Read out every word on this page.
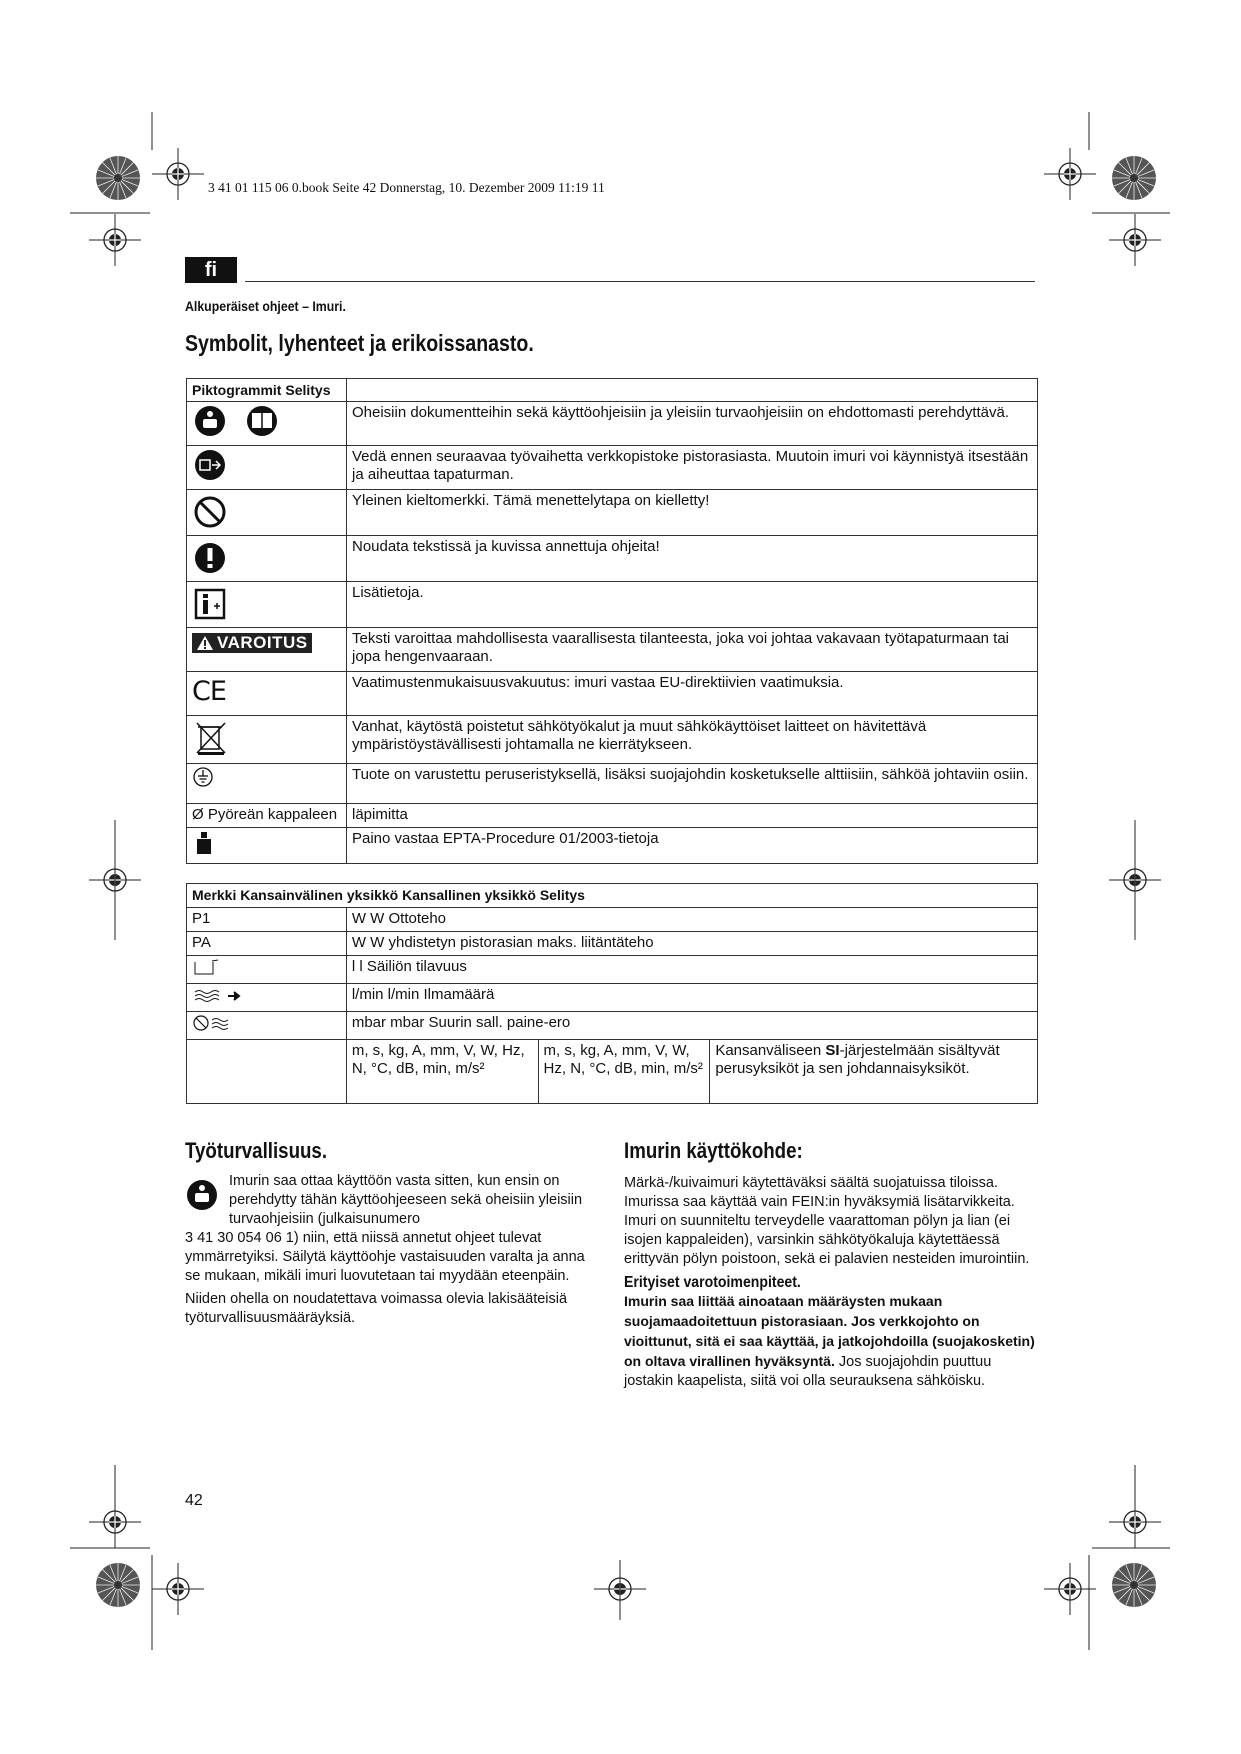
3 41 01 115 06 0.book Seite 42 Donnerstag, 10. Dezember 2009 11:19 11
fi
Alkuperäiset ohjeet – Imuri.
Symbolit, lyhenteet ja erikoissanasto.
Piktogrammit Selitys	
	Oheisiin dokumentteihin sekä käyttöohjeisiin ja yleisiin turvaohjeisiin on ehdottomasti perehdyttävä.
	Vedä ennen seuraavaa työvaihetta verkkopistoke pistorasiasta. Muutoin imuri voi käynnistyä itsestään ja aiheuttaa tapaturman.
	Yleinen kieltomerkki. Tämä menettelytapa on kielletty!
	Noudata tekstissä ja kuvissa annettuja ohjeita!
	Lisätietoja.

VAROITUS	Teksti varoittaa mahdollisesta vaarallisesta tilanteesta, joka voi johtaa vakavaan työtapaturmaan tai jopa hengenvaaraan.
CE	Vaatimustenmukaisuusvakuutus: imuri vastaa EU-direktiivien vaatimuksia.
	Vanhat, käytöstä poistetut sähkötyökalut ja muut sähkökäyttöiset laitteet on hävitettävä ympäristöystävällisesti johtamalla ne kierrätykseen.
	Tuote on varustettu peruseristyksellä, lisäksi suojajohdin kosketukselle alttiisiin, sähköä johtaviin osiin.
Ø Pyöreän kappaleen	läpimitta
	Paino vastaa EPTA-Procedure 01/2003-tietoja
Merkki Kansainvälinen yksikkö Kansallinen yksikkö Selitys			
P1	W W Ottoteho		
PA	W W yhdistetyn pistorasian maks. liitäntäteho		
	l l Säiliön tilavuus		
	l/min l/min Ilmamäärä		
	mbar mbar Suurin sall. paine-ero		
	m, s, kg, A, mm, V, W, Hz, N, °C, dB, min, m/s²	m, s, kg, A, mm, V, W, Hz, N, °C, dB, min, m/s²	Kansanväliseen SI-järjestelmään sisältyvät perusyksiköt ja sen johdannaisyksiköt.
Työturvallisuus.
Imurin saa ottaa käyttöön vasta sitten, kun ensin on perehdytty tähän käyttöohjeeseen sekä oheisiin yleisiin turvaohjeisiin (julkaisunumero
3 41 30 054 06 1) niin, että niissä annetut ohjeet tulevat ymmärretyiksi. Säilytä käyttöohje vastaisuuden varalta ja anna se mukaan, mikäli imuri luovutetaan tai myydään eteenpäin.
Niiden ohella on noudatettava voimassa olevia lakisääteisiä työturvallisuusmääräyksiä.
Imurin käyttökohde:
Märkä-/kuivaimuri käytettäväksi säältä suojatuissa tiloissa. Imurissa saa käyttää vain FEIN:in hyväksymiä lisätarvikkeita. Imuri on suunniteltu terveydelle vaarattoman pölyn ja lian (ei isojen kappaleiden), varsinkin sähkötyökaluja käytettäessä erittyvän pölyn poistoon, sekä ei palavien nesteiden imurointiin.
Erityiset varotoimenpiteet.
Imurin saa liittää ainoataan määräysten mukaan suojamaadoitettuun pistorasiaan. Jos verkkojohto on vioittunut, sitä ei saa käyttää, ja jatkojohdoilla (suojakosketin) on oltava virallinen hyväksyntä. Jos suojajohdin puuttuu jostakin kaapelista, siitä voi olla seurauksena sähköisku.
42
